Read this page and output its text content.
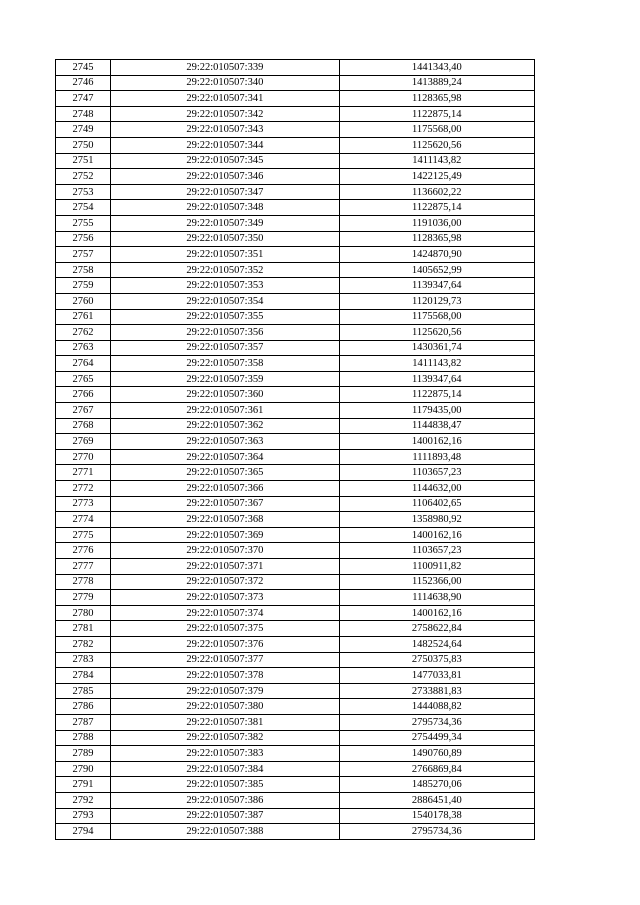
2745	29:22:010507:339	1441343,40
2746	29:22:010507:340	1413889,24
2747	29:22:010507:341	1128365,98
2748	29:22:010507:342	1122875,14
2749	29:22:010507:343	1175568,00
2750	29:22:010507:344	1125620,56
2751	29:22:010507:345	1411143,82
2752	29:22:010507:346	1422125,49
2753	29:22:010507:347	1136602,22
2754	29:22:010507:348	1122875,14
2755	29:22:010507:349	1191036,00
2756	29:22:010507:350	1128365,98
2757	29:22:010507:351	1424870,90
2758	29:22:010507:352	1405652,99
2759	29:22:010507:353	1139347,64
2760	29:22:010507:354	1120129,73
2761	29:22:010507:355	1175568,00
2762	29:22:010507:356	1125620,56
2763	29:22:010507:357	1430361,74
2764	29:22:010507:358	1411143,82
2765	29:22:010507:359	1139347,64
2766	29:22:010507:360	1122875,14
2767	29:22:010507:361	1179435,00
2768	29:22:010507:362	1144838,47
2769	29:22:010507:363	1400162,16
2770	29:22:010507:364	1111893,48
2771	29:22:010507:365	1103657,23
2772	29:22:010507:366	1144632,00
2773	29:22:010507:367	1106402,65
2774	29:22:010507:368	1358980,92
2775	29:22:010507:369	1400162,16
2776	29:22:010507:370	1103657,23
2777	29:22:010507:371	1100911,82
2778	29:22:010507:372	1152366,00
2779	29:22:010507:373	1114638,90
2780	29:22:010507:374	1400162,16
2781	29:22:010507:375	2758622,84
2782	29:22:010507:376	1482524,64
2783	29:22:010507:377	2750375,83
2784	29:22:010507:378	1477033,81
2785	29:22:010507:379	2733881,83
2786	29:22:010507:380	1444088,82
2787	29:22:010507:381	2795734,36
2788	29:22:010507:382	2754499,34
2789	29:22:010507:383	1490760,89
2790	29:22:010507:384	2766869,84
2791	29:22:010507:385	1485270,06
2792	29:22:010507:386	2886451,40
2793	29:22:010507:387	1540178,38
2794	29:22:010507:388	2795734,36
